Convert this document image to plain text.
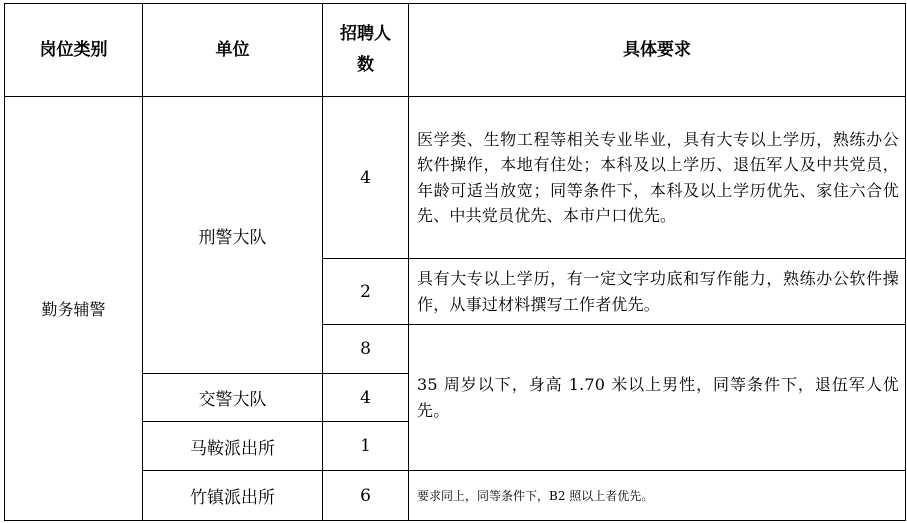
岗位类别	单位	招聘人数	具体要求
勤务辅警	刑警大队	4	医学类、生物工程等相关专业毕业，具有大专以上学历，熟练办公软件操作，本地有住处；本科及以上学历、退伍军人及中共党员，年龄可适当放宽；同等条件下，本科及以上学历优先、家住六合优先、中共党员优先、本市户口优先。
		2	具有大专以上学历，有一定文字功底和写作能力，熟练办公软件操作，从事过材料撰写工作者优先。
		8	35 周岁以下，身高 1.70 米以上男性，同等条件下，退伍军人优先。
	交警大队	4	
	马鞍派出所	1	
	竹镇派出所	6	要求同上，同等条件下，B2 照以上者优先。
